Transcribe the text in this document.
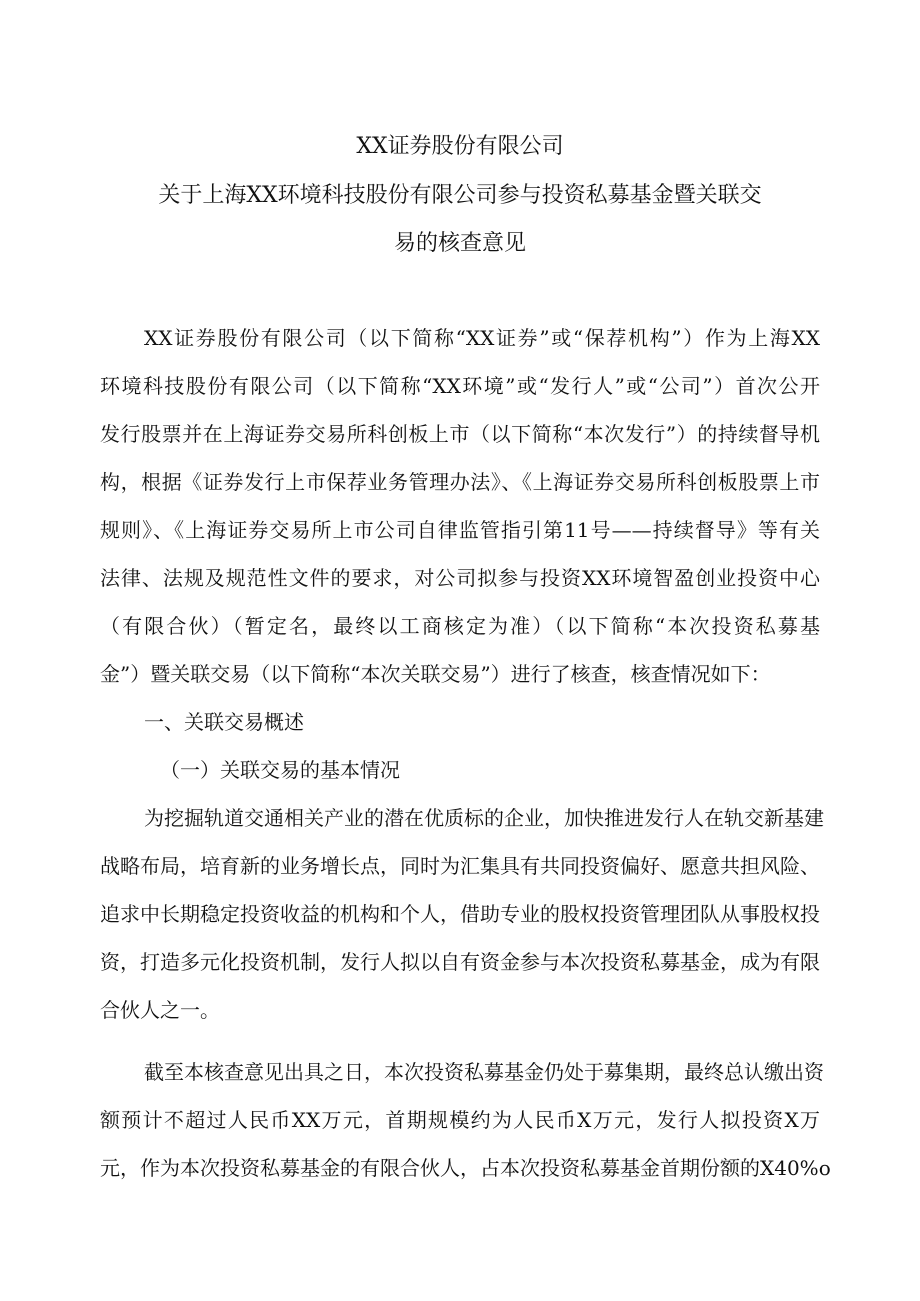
XX证券股份有限公司
关于上海XX环境科技股份有限公司参与投资私募基金暨关联交
易的核查意见
XX证券股份有限公司（以下简称“XX证券”或“保荐机构”）作为上海XX
环境科技股份有限公司（以下简称“XX环境”或“发行人”或“公司”）首次公开
发行股票并在上海证券交易所科创板上市（以下简称“本次发行”）的持续督导机
构，根据《证券发行上市保荐业务管理办法》、《上海证券交易所科创板股票上市
规则》、《上海证券交易所上市公司自律监管指引第11号——持续督导》等有关
法律、法规及规范性文件的要求，对公司拟参与投资XX环境智盈创业投资中心
（有限合伙）（暂定名，最终以工商核定为准）（以下简称“本次投资私募基
金”）暨关联交易（以下简称“本次关联交易”）进行了核查，核查情况如下：
一、关联交易概述
（一）关联交易的基本情况
为挖掘轨道交通相关产业的潜在优质标的企业，加快推进发行人在轨交新基建
战略布局，培育新的业务增长点，同时为汇集具有共同投资偏好、愿意共担风险、
追求中长期稳定投资收益的机构和个人，借助专业的股权投资管理团队从事股权投
资，打造多元化投资机制，发行人拟以自有资金参与本次投资私募基金，成为有限
合伙人之一。
截至本核查意见出具之日，本次投资私募基金仍处于募集期，最终总认缴出资
额预计不超过人民币XX万元，首期规模约为人民币X万元，发行人拟投资X万
元，作为本次投资私募基金的有限合伙人，占本次投资私募基金首期份额的X40%o
